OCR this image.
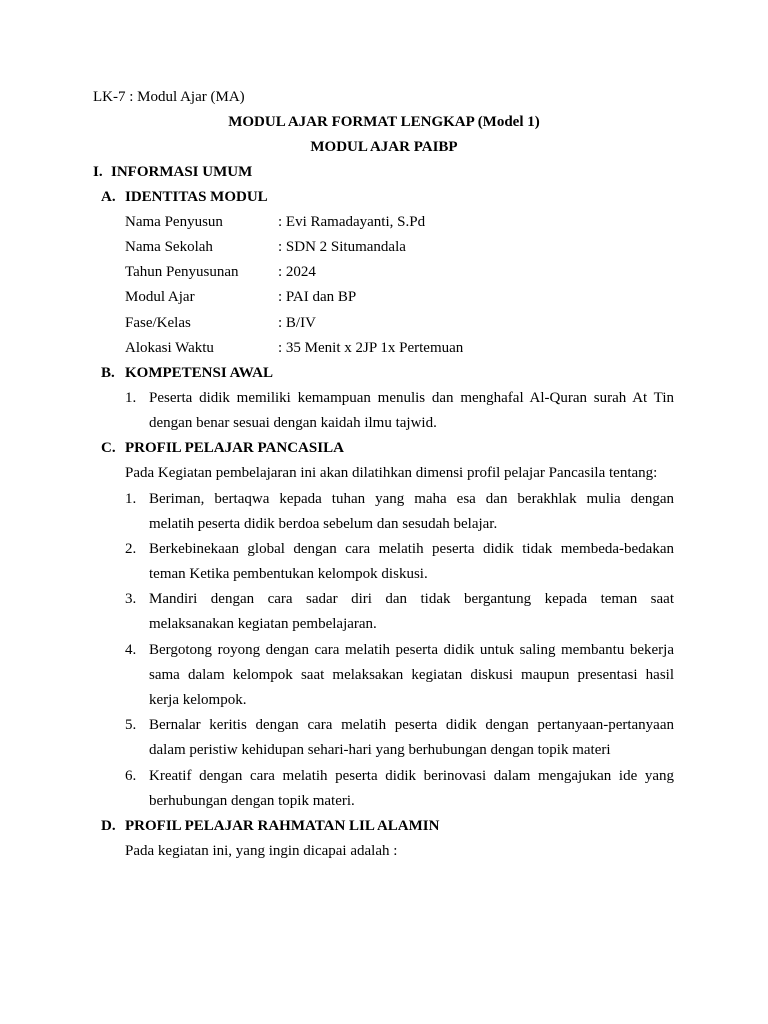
LK-7 : Modul Ajar (MA)
MODUL AJAR FORMAT LENGKAP (Model 1)
MODUL AJAR PAIBP
I. INFORMASI UMUM
A. IDENTITAS MODUL
Nama Penyusun	: Evi Ramadayanti, S.Pd
Nama Sekolah	: SDN 2 Situmandala
Tahun Penyusunan	: 2024
Modul Ajar	: PAI dan BP
Fase/Kelas	: B/IV
Alokasi Waktu	: 35 Menit x 2JP 1x Pertemuan
B. KOMPETENSI AWAL
1. Peserta didik memiliki kemampuan menulis dan menghafal Al-Quran surah At Tin
dengan benar sesuai dengan kaidah ilmu tajwid.
C. PROFIL PELAJAR PANCASILA
Pada Kegiatan pembelajaran ini akan dilatihkan dimensi profil pelajar Pancasila tentang:
1. Beriman, bertaqwa kepada tuhan yang maha esa dan berakhlak mulia dengan
melatih peserta didik berdoa sebelum dan sesudah belajar.
2. Berkebinekaan global dengan cara melatih peserta didik tidak membeda-bedakan
teman Ketika pembentukan kelompok diskusi.
3. Mandiri dengan cara sadar diri dan tidak bergantung kepada teman saat
melaksanakan kegiatan pembelajaran.
4. Bergotong royong dengan cara melatih peserta didik untuk saling membantu bekerja
sama dalam kelompok saat melaksakan kegiatan diskusi maupun presentasi hasil
kerja kelompok.
5. Bernalar keritis dengan cara melatih peserta didik dengan pertanyaan-pertanyaan
dalam peristiw kehidupan sehari-hari yang berhubungan dengan topik materi
6. Kreatif dengan cara melatih peserta didik berinovasi dalam mengajukan ide yang
berhubungan dengan topik materi.
D. PROFIL PELAJAR RAHMATAN LIL ALAMIN
Pada kegiatan ini, yang ingin dicapai adalah :
